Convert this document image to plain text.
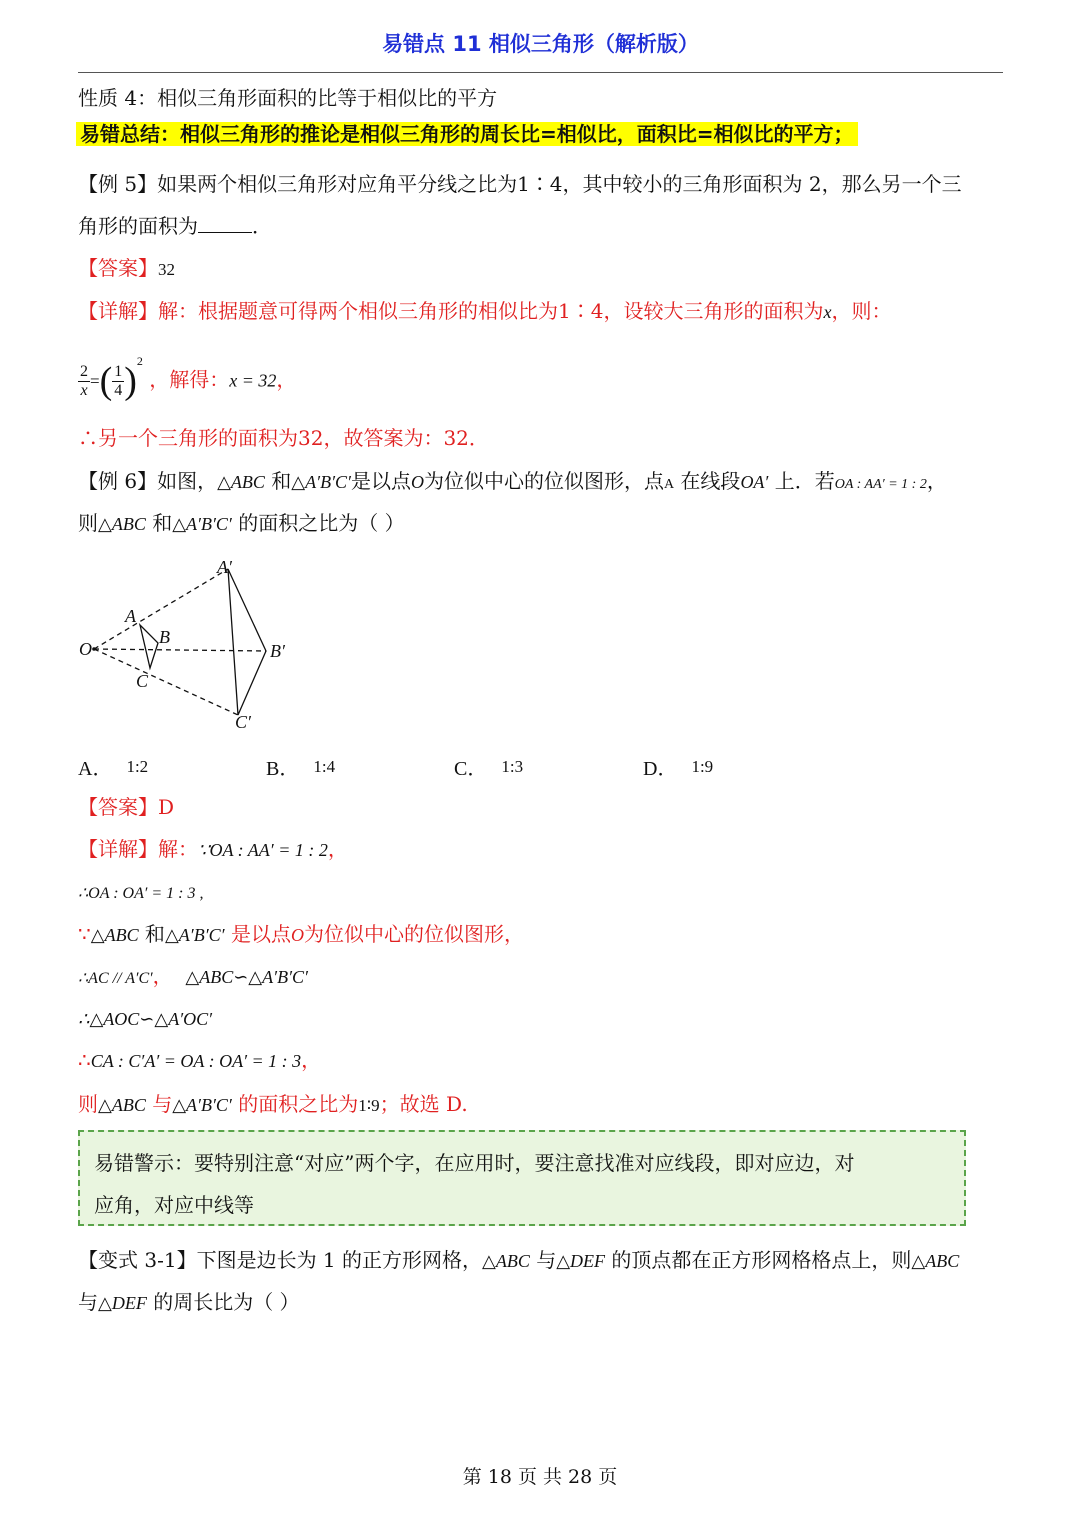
易错点 11 相似三角形（解析版）
性质 4：相似三角形面积的比等于相似比的平方
易错总结：相似三角形的推论是相似三角形的周长比=相似比，面积比=相似比的平方；
【例 5】如果两个相似三角形对应角平分线之比为1∶4，其中较小的三角形面积为 2，那么另一个三
角形的面积为	．
【答案】32
【详解】解：根据题意可得两个相似三角形的相似比为1∶4，设较大三角形的面积为x，则：
$\frac{2}{x}$ =( $\frac{1}{4} )^2$ ，解得：x = 32，
∴另一个三角形的面积为32，故答案为：32．
【例 6】如图，△ABC 和△A′B′C′是以点O为位似中心的位似图形，点A 在线段OA′ 上．若OA : AA′ = 1 : 2，
则△ABC 和△A′B′C′ 的面积之比为（ ）
O
A
B
C
A′
B′
C′
A． 1:2	B． 1:4	C． 1:3	D． 1:9
【答案】D
【详解】解：∵OA : AA′ = 1 : 2，
∴OA : OA′ = 1 : 3 ,
∵△ABC 和△A′B′C′ 是以点O为位似中心的位似图形，
∴AC // A′C′， △ABC∽△A′B′C′
∴△AOC∽△A′OC′
∴CA : C′A′ = OA : OA′ = 1 : 3，
则△ABC 与△A′B′C′ 的面积之比为1∶9；故选 D.
易错警示：要特别注意“对应”两个字，在应用时，要注意找准对应线段，即对应边，对
应角，对应中线等
【变式 3-1】下图是边长为 1 的正方形网格，△ABC 与△DEF 的顶点都在正方形网格格点上，则△ABC
与△DEF 的周长比为（ ）
第 18 页 共 28 页
